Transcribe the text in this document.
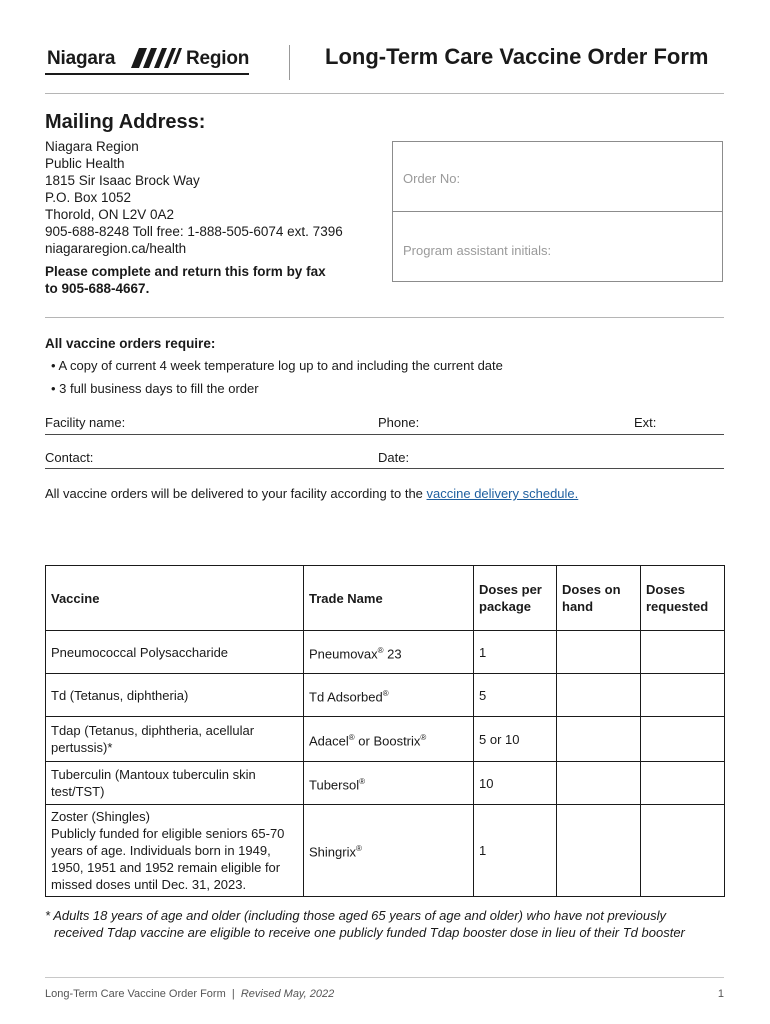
Niagara	Region	Long-Term Care Vaccine Order Form
Mailing Address:
Niagara Region
Public Health
1815 Sir Isaac Brock Way
P.O. Box 1052
Thorold, ON L2V 0A2
905-688-8248 Toll free: 1-888-505-6074 ext. 7396
niagararegion.ca/health
Please complete and return this form by fax
to 905-688-4667.
Order No:
Program assistant initials:
All vaccine orders require:
• A copy of current 4 week temperature log up to and including the current date
• 3 full business days to fill the order
Facility name:	Phone:	Ext:
Contact:	Date:
All vaccine orders will be delivered to your facility according to the vaccine delivery schedule.
Vaccine	Trade Name	Doses per package	Doses on hand	Doses requested
Pneumococcal Polysaccharide	Pneumovax® 23	1		
Td (Tetanus, diphtheria)	Td Adsorbed®	5		
Tdap (Tetanus, diphtheria, acellular pertussis)*	Adacel® or Boostrix®	5 or 10		
Tuberculin (Mantoux tuberculin skin test/TST)	Tubersol®	10		

Zoster (Shingles)
Publicly funded for eligible seniors 65-70 years of age. Individuals born in 1949, 1950, 1951 and 1952 remain eligible for missed doses until Dec. 31, 2023.	Shingrix®	1		
* Adults 18 years of age and older (including those aged 65 years of age and older) who have not previously
received Tdap vaccine are eligible to receive one publicly funded Tdap booster dose in lieu of their Td booster
Long-Term Care Vaccine Order Form | Revised May, 2022	1
